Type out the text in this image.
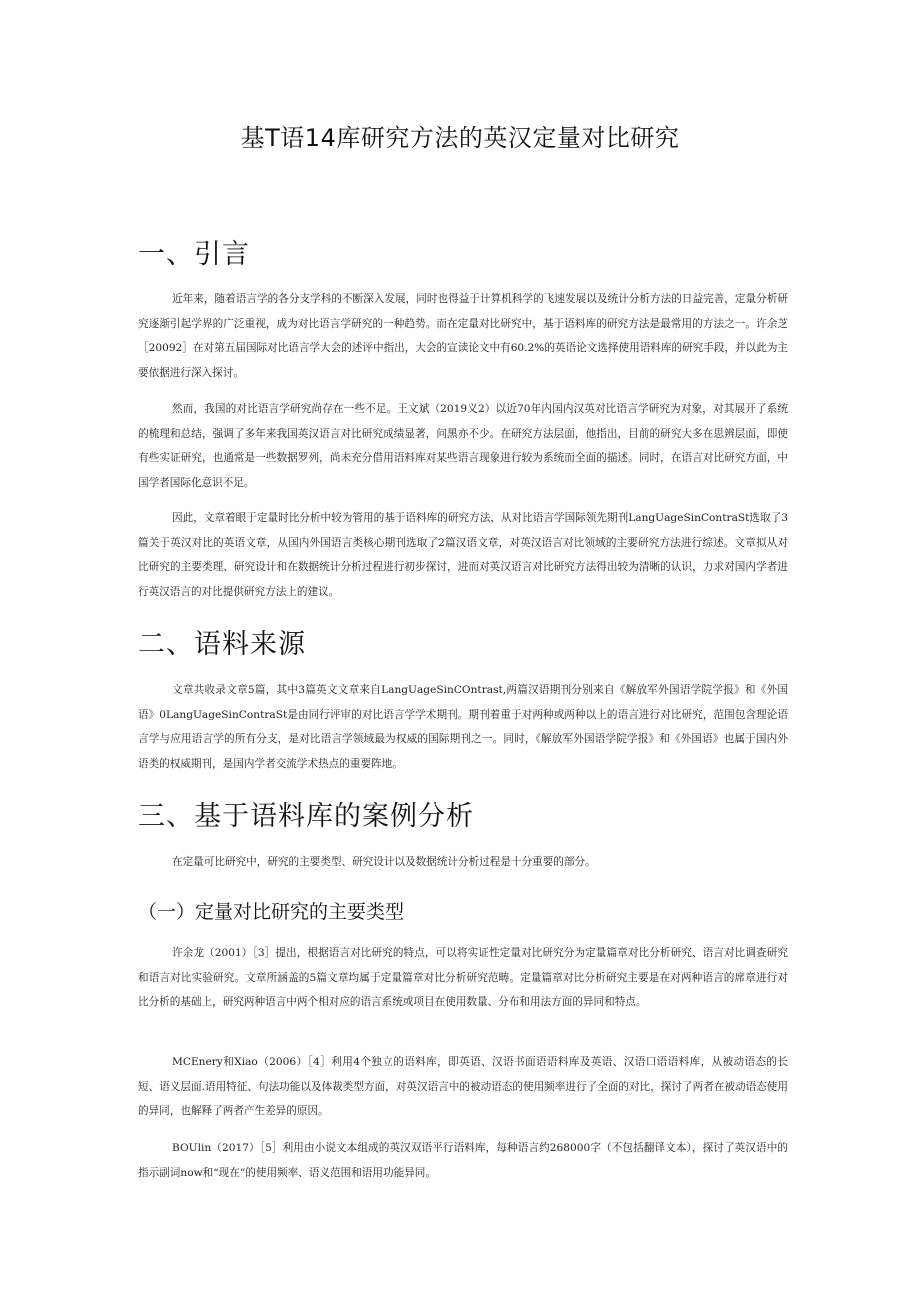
基T语14库研究方法的英汉定量对比研究
一、引言

近年来，随着语言学的各分支学科的不断深入发展，同时也得益于计算机科学的飞速发展以及统计分析方法的日益完善，定量分析研究逐渐引起学界的广泛重视，成为对比语言学研究的一种趋势。而在定量对比研究中，基于语料库的研究方法是最常用的方法之一。许余芝［20092］在对第五届国际对比语言学大会的述评中指出，大会的宣读论文中有60.2%的英语论文选择使用语料库的研究手段，并以此为主要依据进行深入探讨。

然而，我国的对比语言学研究尚存在一些不足。王文斌（2019义2）以近70年内国内汉英对比语言学研究为对象，对其展开了系统的梳理和总结，强调了多年来我国英汉语言对比研究成绩显著，问黑亦不少。在研究方法层面，他指出，目前的研究大多在思辨层面，即使有些实证研究，也通常是一些数据罗列，尚未充分借用语料库对某些语言现象进行较为系统而全面的描述。同时，在语言对比研究方面，中国学者国际化意识不足。

因此，文章着眼于定量时比分析中较为管用的基于语料库的研究方法，从对比语言学国际领先期刊LangUageSinContraSt选取了3篇关于英汉对比的英语文章，从国内外国语言类核心期刊选取了2篇汉语文章，对英汉语言对比领域的主要研究方法进行综述。文章拟从对比研究的主要类理、研究设计和在数据统计分析过程进行初步探讨，进而对英汉语言对比研究方法得出较为清晰的认识，力求对国内学者进行英汉语言的对比提供研究方法上的建议。

二、语料来源

文章共收录文章5篇，其中3篇英文文章来自LangUageSinCOntrast,两篇汉语期刊分别来自《解放军外国语学院学报》和《外国语》0LangUageSinContraSt是由同行评审的对比语言学学术期刊。期刊着重于对两种或两种以上的语言进行对比研究，范围包含理论语言学与应用语言学的所有分支，是对比语言学领域最为权威的国际期刊之一。同时，《解放军外国语学院学报》和《外国语》也属于国内外语类的权威期刊，是国内学者交流学术热点的重要阵地。

三、基于语料库的案例分析

在定量可比研究中，研究的主要类型、研究设计以及数据统计分析过程是十分重要的部分。

（一）定量对比研究的主要类型

许余龙（2001）［3］提出，根据语言对比研究的特点，可以将实证性定量对比研究分为定量篇章对比分析研究、语言对比调查研究和语言对比实验研究。文章所涵盖的5篇文章均属于定量篇章对比分析研究范畴。定量篇章对比分析研究主要是在对两种语言的席章进行对比分析的基础上，研究两种语言中两个相对应的语言系统或项目在使用数量、分布和用法方面的异同和特点。

MCEnery和Xiao（2006）［4］利用4个独立的语料库，即英语、汉语书面语语料库及英语、汉语口语语料库，从被动语态的长短、语义层面.语用特征、句法功能以及体裁类型方面，对英汉语言中的被动语态的使用频率进行了全面的对比，探讨了两者在被动语态使用的异同，也解释了两者产生差异的原因。

BOUlin（2017）［5］利用由小说文本组成的英汉双语平行语料库，每种语言约268000字（不包括翻译文本），探讨了英汉语中的指示副词now和“现在”的使用频率、语义范围和语用功能异同。
